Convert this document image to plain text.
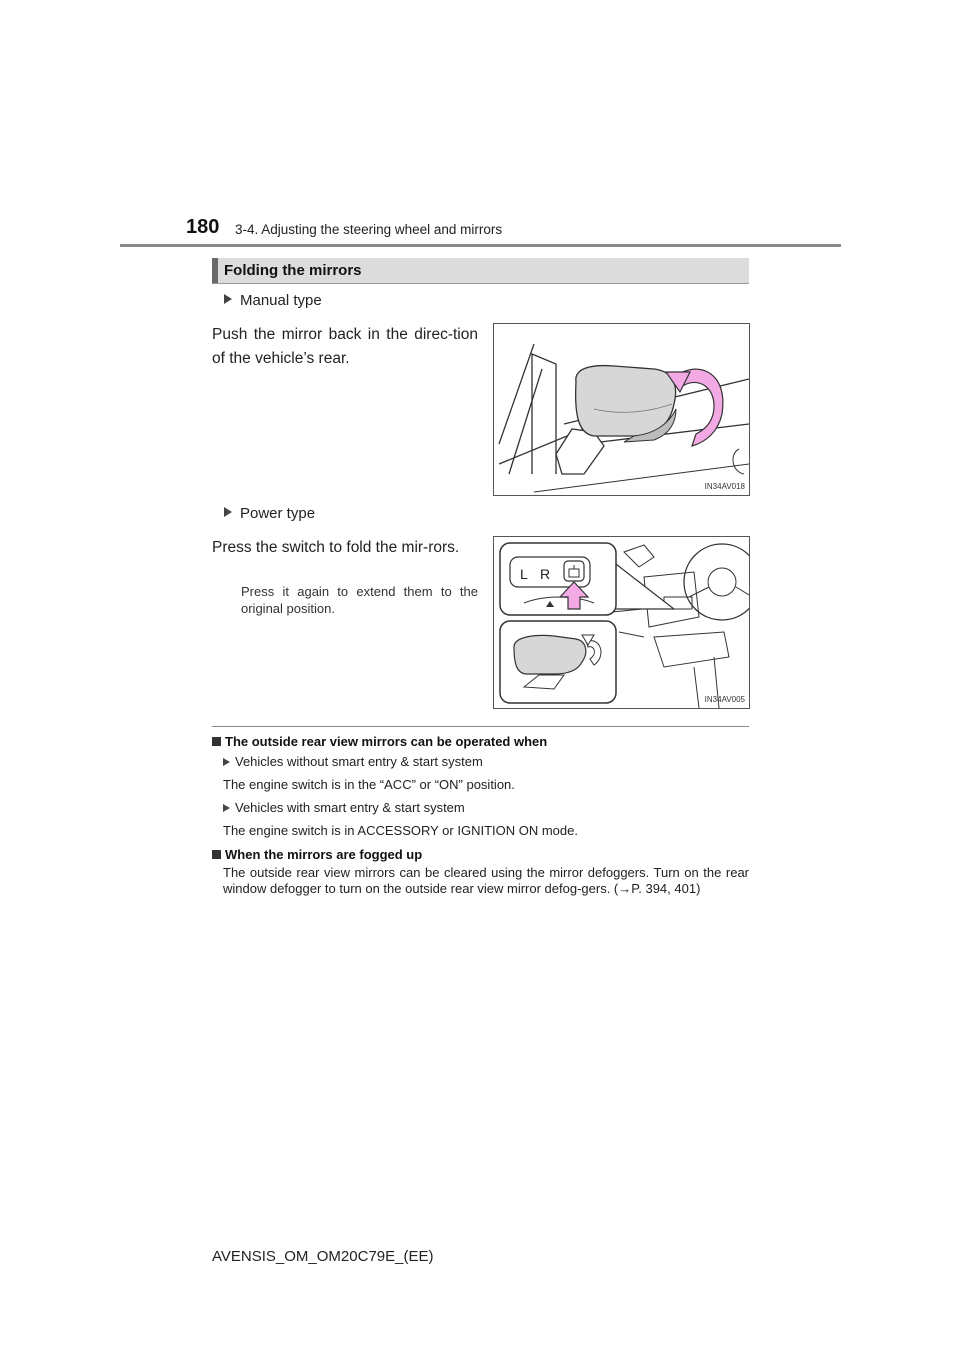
180 3-4. Adjusting the steering wheel and mirrors
Folding the mirrors
Manual type
Push the mirror back in the direc-tion of the vehicle’s rear.
IN34AV018
Power type
Press the switch to fold the mir-rors.
Press it again to extend them to the original position.
L R
IN34AV005
The outside rear view mirrors can be operated when
Vehicles without smart entry & start system
The engine switch is in the “ACC” or “ON” position.
Vehicles with smart entry & start system
The engine switch is in ACCESSORY or IGNITION ON mode.
When the mirrors are fogged up
The outside rear view mirrors can be cleared using the mirror defoggers. Turn on the rear window defogger to turn on the outside rear view mirror defog-gers. (→P. 394, 401)
AVENSIS_OM_OM20C79E_(EE)
